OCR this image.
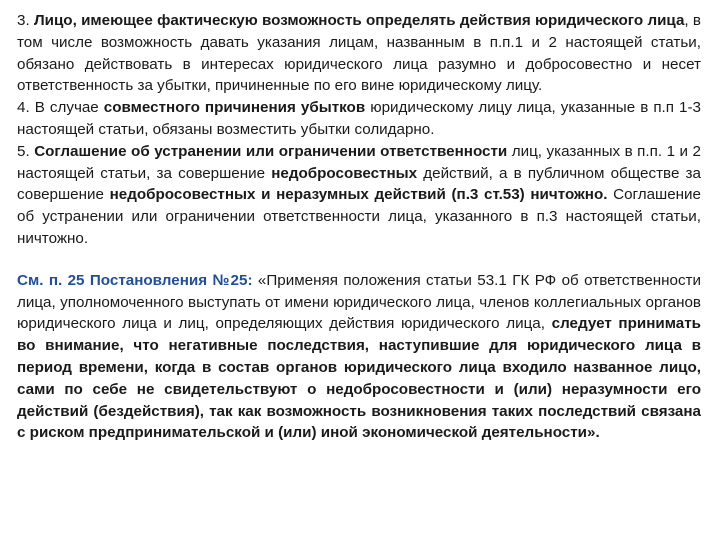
3. Лицо, имеющее фактическую возможность определять действия юридического лица, в том числе возможность давать указания лицам, названным в п.п.1 и 2 настоящей статьи, обязано действовать в интересах юридического лица разумно и добросовестно и несет ответственность за убытки, причиненные по его вине юридическому лицу.

4. В случае совместного причинения убытков юридическому лицу лица, указанные в п.п 1-3 настоящей статьи, обязаны возместить убытки солидарно.

5. Соглашение об устранении или ограничении ответственности лиц, указанных в п.п. 1 и 2 настоящей статьи, за совершение недобросовестных действий, а в публичном обществе за совершение недобросовестных и неразумных действий (п.3 ст.53) ничтожно. Соглашение об устранении или ограничении ответственности лица, указанного в п.3 настоящей статьи, ничтожно.

См. п. 25 Постановления №25: «Применяя положения статьи 53.1 ГК РФ об ответственности лица, уполномоченного выступать от имени юридического лица, членов коллегиальных органов юридического лица и лиц, определяющих действия юридического лица, следует принимать во внимание, что негативные последствия, наступившие для юридического лица в период времени, когда в состав органов юридического лица входило названное лицо, сами по себе не свидетельствуют о недобросовестности и (или) неразумности его действий (бездействия), так как возможность возникновения таких последствий связана с риском предпринимательской и (или) иной экономической деятельности».
